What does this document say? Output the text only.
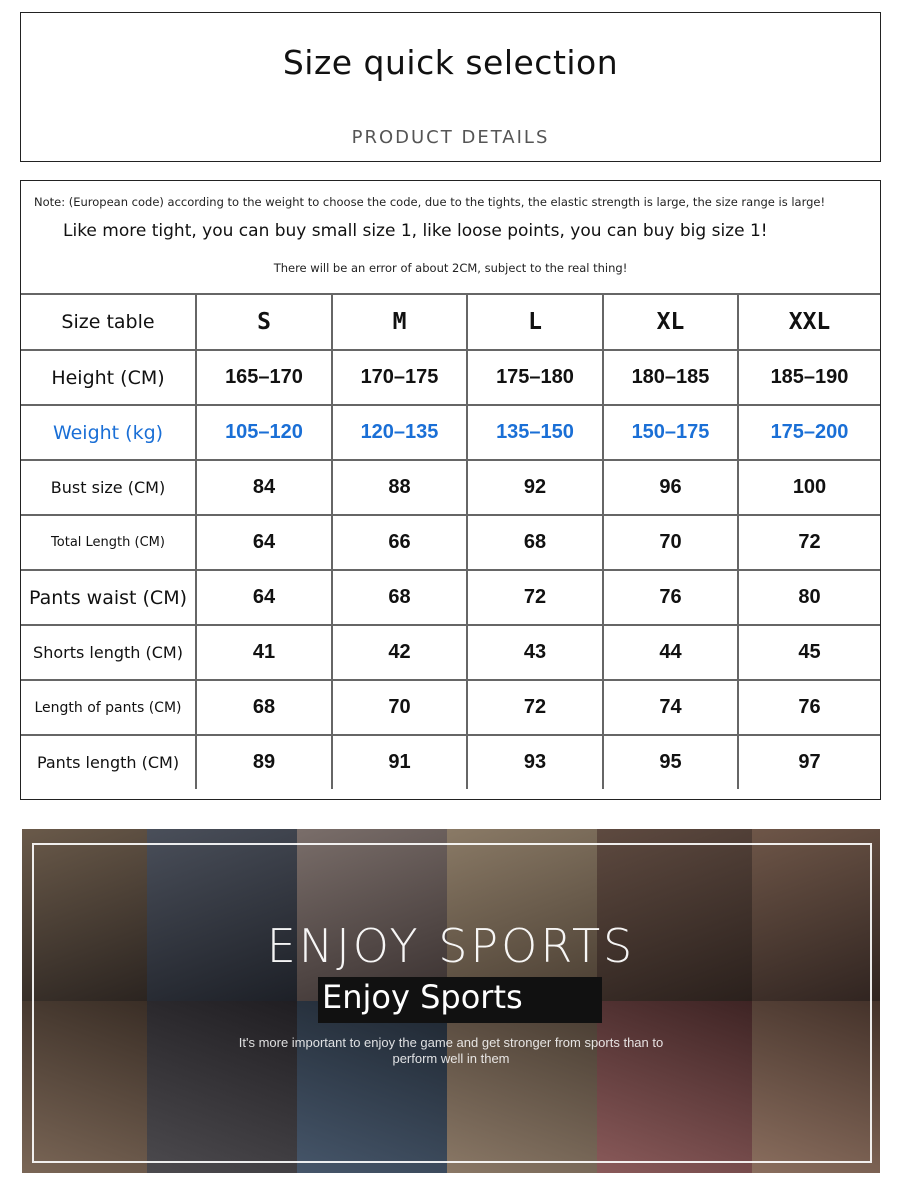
Size quick selection
PRODUCT DETAILS
Note: (European code) according to the weight to choose the code, due to the tights, the elastic strength is large, the size range is large!
Like more tight, you can buy small size 1, like loose points, you can buy big size 1!
There will be an error of about 2CM, subject to the real thing!
Size table	S	M	L	XL	XXL
Height (CM)	165–170	170–175	175–180	180–185	185–190
Weight (kg)	105–120	120–135	135–150	150–175	175–200
Bust size (CM)	84	88	92	96	100
Total Length (CM)	64	66	68	70	72
Pants waist (CM)	64	68	72	76	80
Shorts length (CM)	41	42	43	44	45
Length of pants (CM)	68	70	72	74	76
Pants length (CM)	89	91	93	95	97
ENJOY SPORTS
Enjoy Sports
It's more important to enjoy the game and get stronger from sports than to
perform well in them
